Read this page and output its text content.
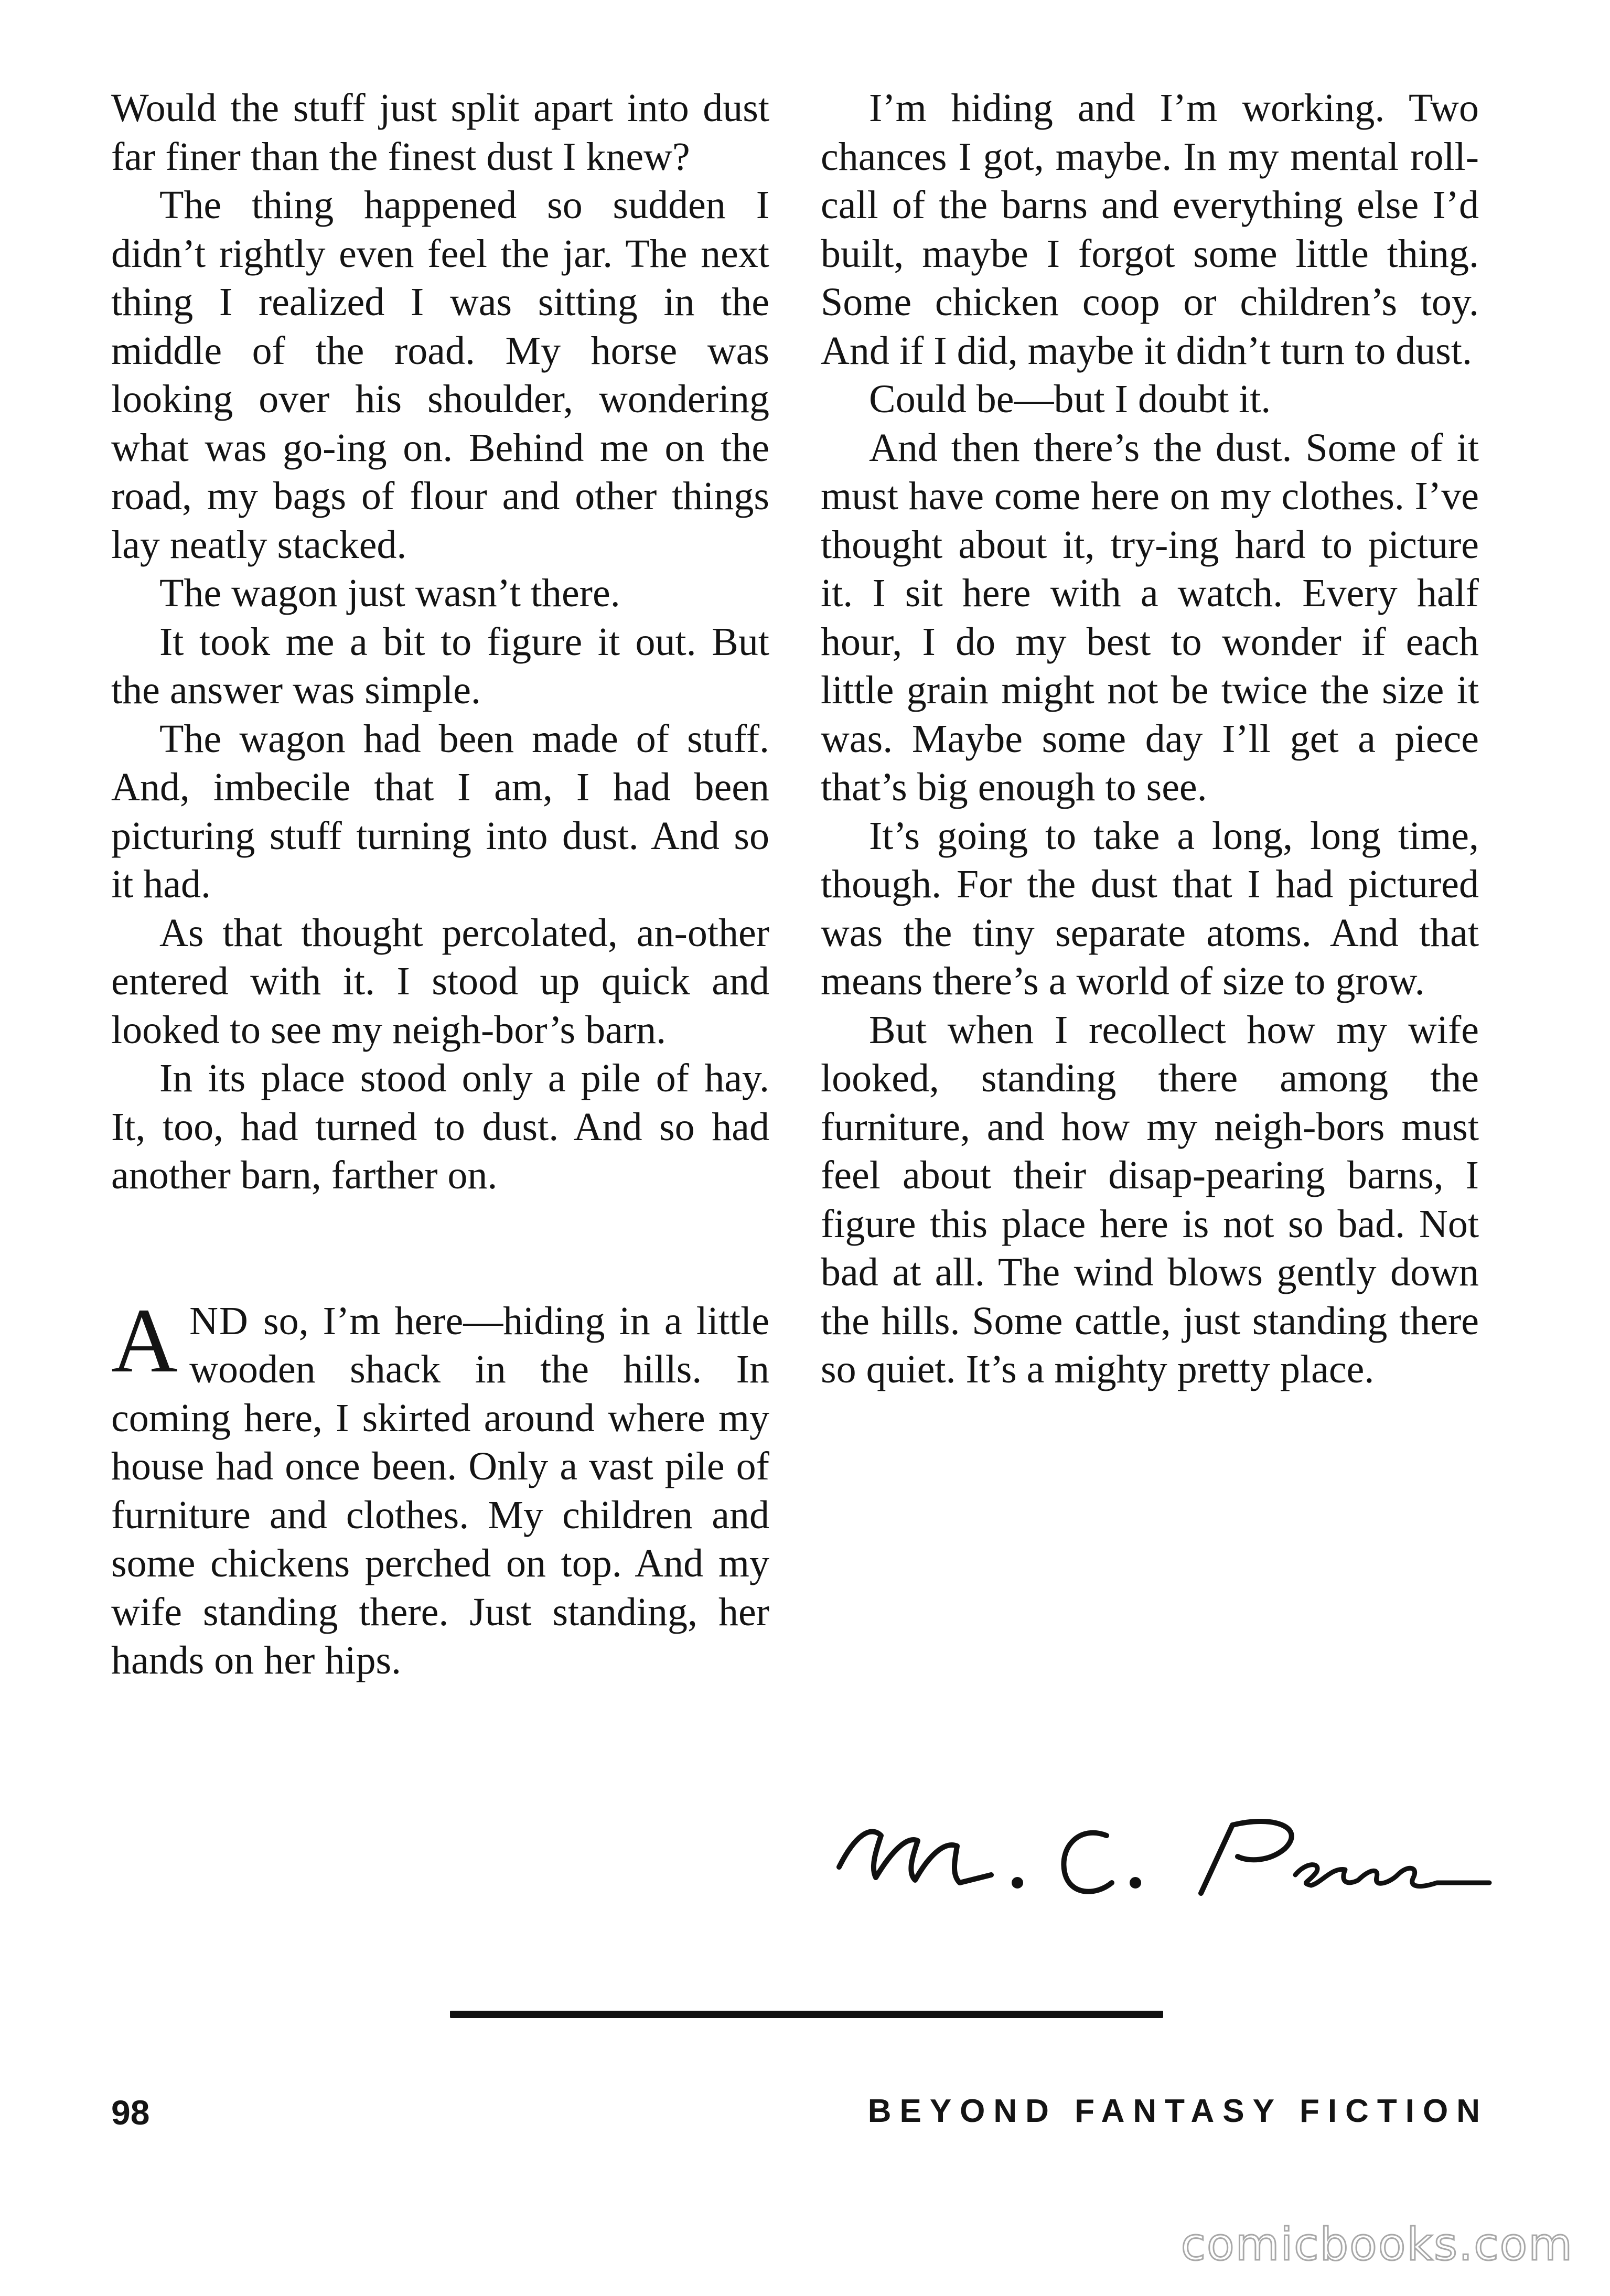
Would the stuff just split apart into dust far finer than the finest dust I knew?

The thing happened so sudden I didn’t rightly even feel the jar. The next thing I realized I was sitting in the middle of the road. My horse was looking over his shoulder, wondering what was go-ing on. Behind me on the road, my bags of flour and other things lay neatly stacked.

The wagon just wasn’t there.

It took me a bit to figure it out. But the answer was simple.

The wagon had been made of stuff. And, imbecile that I am, I had been picturing stuff turning into dust. And so it had.

As that thought percolated, an-other entered with it. I stood up quick and looked to see my neigh-bor’s barn.

In its place stood only a pile of hay. It, too, had turned to dust. And so had another barn, farther on.

AND so, I’m here—hiding in a little wooden shack in the hills. In coming here, I skirted around where my house had once been. Only a vast pile of furniture and clothes. My children and some chickens perched on top. And my wife standing there. Just standing, her hands on her hips.

I’m hiding and I’m working. Two chances I got, maybe. In my mental roll-call of the barns and everything else I’d built, maybe I forgot some little thing. Some chicken coop or children’s toy. And if I did, maybe it didn’t turn to dust.

Could be—but I doubt it.

And then there’s the dust. Some of it must have come here on my clothes. I’ve thought about it, try-ing hard to picture it. I sit here with a watch. Every half hour, I do my best to wonder if each little grain might not be twice the size it was. Maybe some day I’ll get a piece that’s big enough to see.

It’s going to take a long, long time, though. For the dust that I had pictured was the tiny separate atoms. And that means there’s a world of size to grow.

But when I recollect how my wife looked, standing there among the furniture, and how my neigh-bors must feel about their disap-pearing barns, I figure this place here is not so bad. Not bad at all. The wind blows gently down the hills. Some cattle, just standing there so quiet. It’s a mighty pretty place.

98	BEYOND FANTASY FICTION
comicbooks.com
